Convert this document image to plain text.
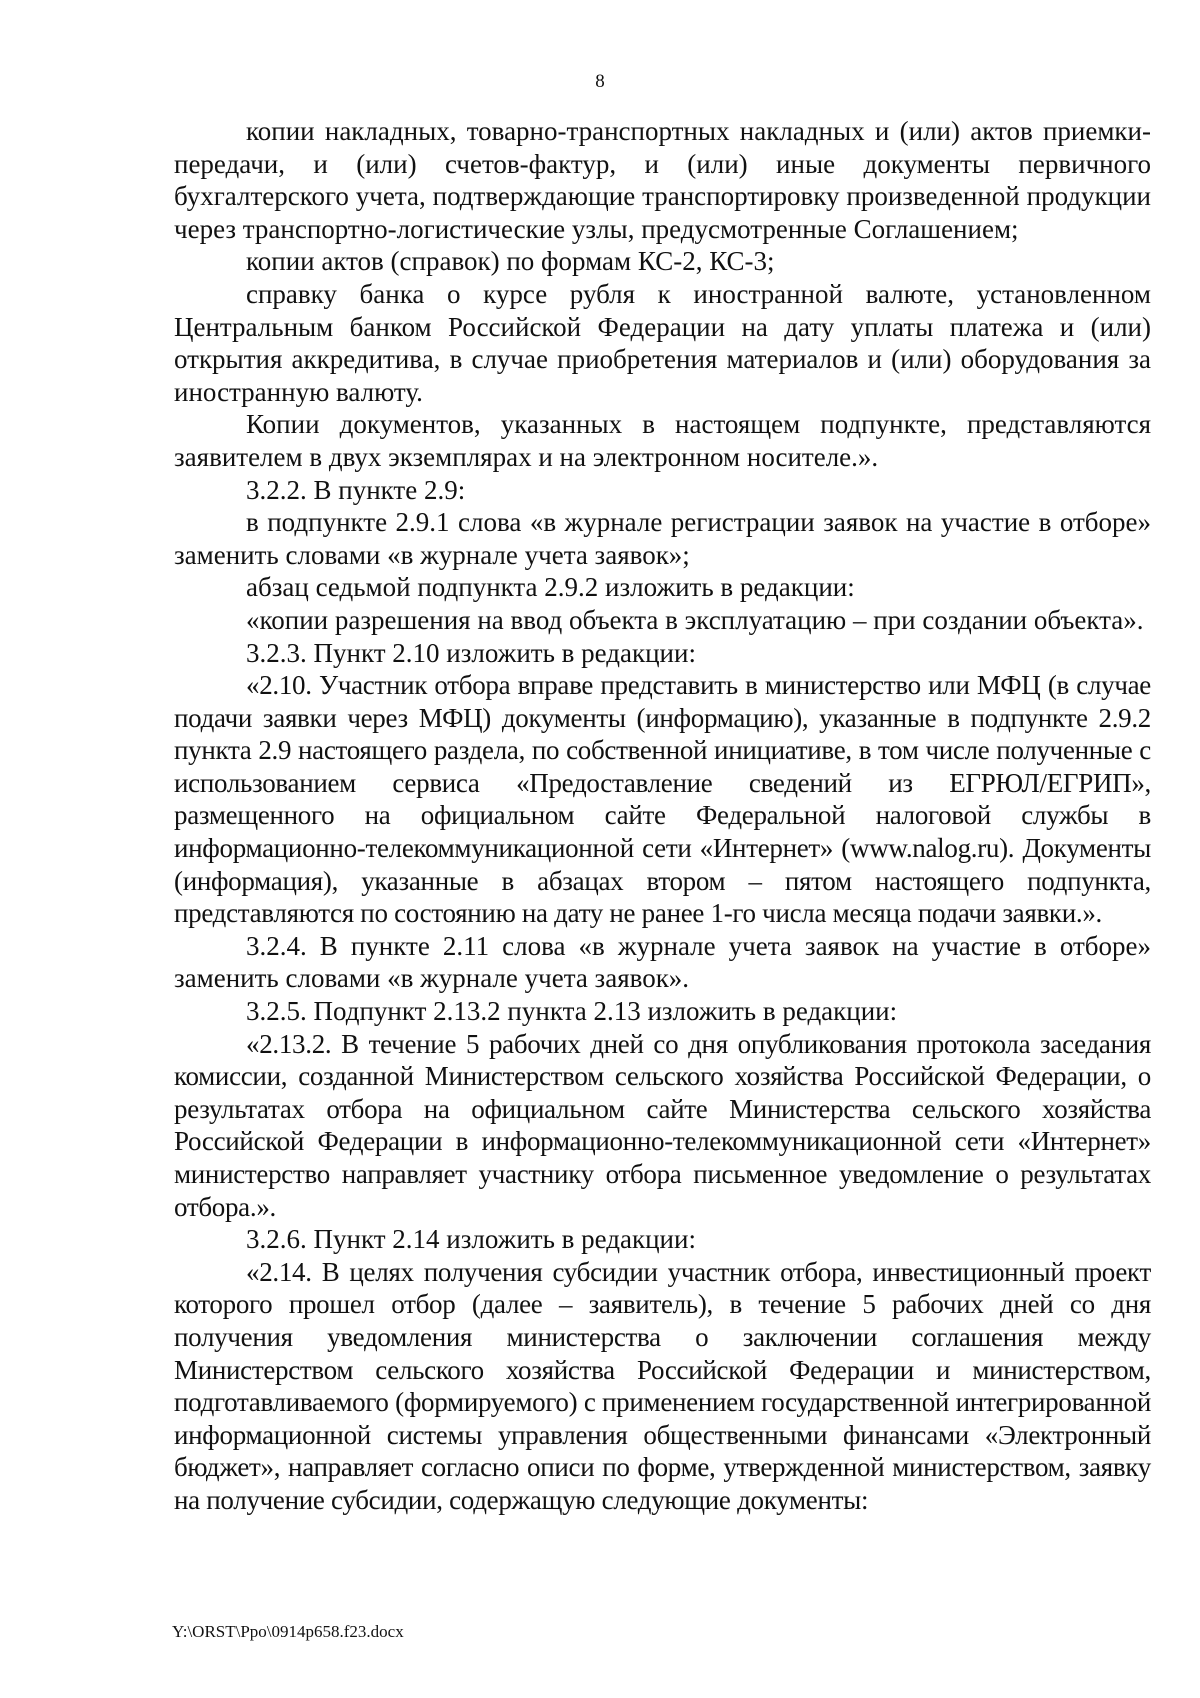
8

копии накладных, товарно-транспортных накладных и (или) актов приемки-передачи, и (или) счетов-фактур, и (или) иные документы первичного бухгалтерского учета, подтверждающие транспортировку произведенной продукции через транспортно-логистические узлы, предусмотренные Соглашением;

копии актов (справок) по формам КС-2, КС-3;

справку банка о курсе рубля к иностранной валюте, установленном Центральным банком Российской Федерации на дату уплаты платежа и (или) открытия аккредитива, в случае приобретения материалов и (или) оборудования за иностранную валюту.

Копии документов, указанных в настоящем подпункте, представляются заявителем в двух экземплярах и на электронном носителе.».

3.2.2. В пункте 2.9:

в подпункте 2.9.1 слова «в журнале регистрации заявок на участие в отборе» заменить словами «в журнале учета заявок»;

абзац седьмой подпункта 2.9.2 изложить в редакции:

«копии разрешения на ввод объекта в эксплуатацию – при создании объекта».

3.2.3. Пункт 2.10 изложить в редакции:

«2.10. Участник отбора вправе представить в министерство или МФЦ (в случае подачи заявки через МФЦ) документы (информацию), указанные в подпункте 2.9.2 пункта 2.9 настоящего раздела, по собственной инициативе, в том числе полученные с использованием сервиса «Предоставление сведений из ЕГРЮЛ/ЕГРИП», размещенного на официальном сайте Федеральной налоговой службы в информационно-телекоммуникационной сети «Интернет» (www.nalog.ru). Документы (информация), указанные в абзацах втором – пятом настоящего подпункта, представляются по состоянию на дату не ранее 1-го числа месяца подачи заявки.».

3.2.4. В пункте 2.11 слова «в журнале учета заявок на участие в отборе» заменить словами «в журнале учета заявок».

3.2.5. Подпункт 2.13.2 пункта 2.13 изложить в редакции:

«2.13.2. В течение 5 рабочих дней со дня опубликования протокола заседания комиссии, созданной Министерством сельского хозяйства Российской Федерации, о результатах отбора на официальном сайте Министерства сельского хозяйства Российской Федерации в информационно-телекоммуникационной сети «Интернет» министерство направляет участнику отбора письменное уведомление о результатах отбора.».

3.2.6. Пункт 2.14 изложить в редакции:

«2.14. В целях получения субсидии участник отбора, инвестиционный проект которого прошел отбор (далее – заявитель), в течение 5 рабочих дней со дня получения уведомления министерства о заключении соглашения между Министерством сельского хозяйства Российской Федерации и министерством, подготавливаемого (формируемого) с применением государственной интегрированной информационной системы управления общественными финансами «Электронный бюджет», направляет согласно описи по форме, утвержденной министерством, заявку на получение субсидии, содержащую следующие документы:

Y:\ORST\Ppo\0914p658.f23.docx
